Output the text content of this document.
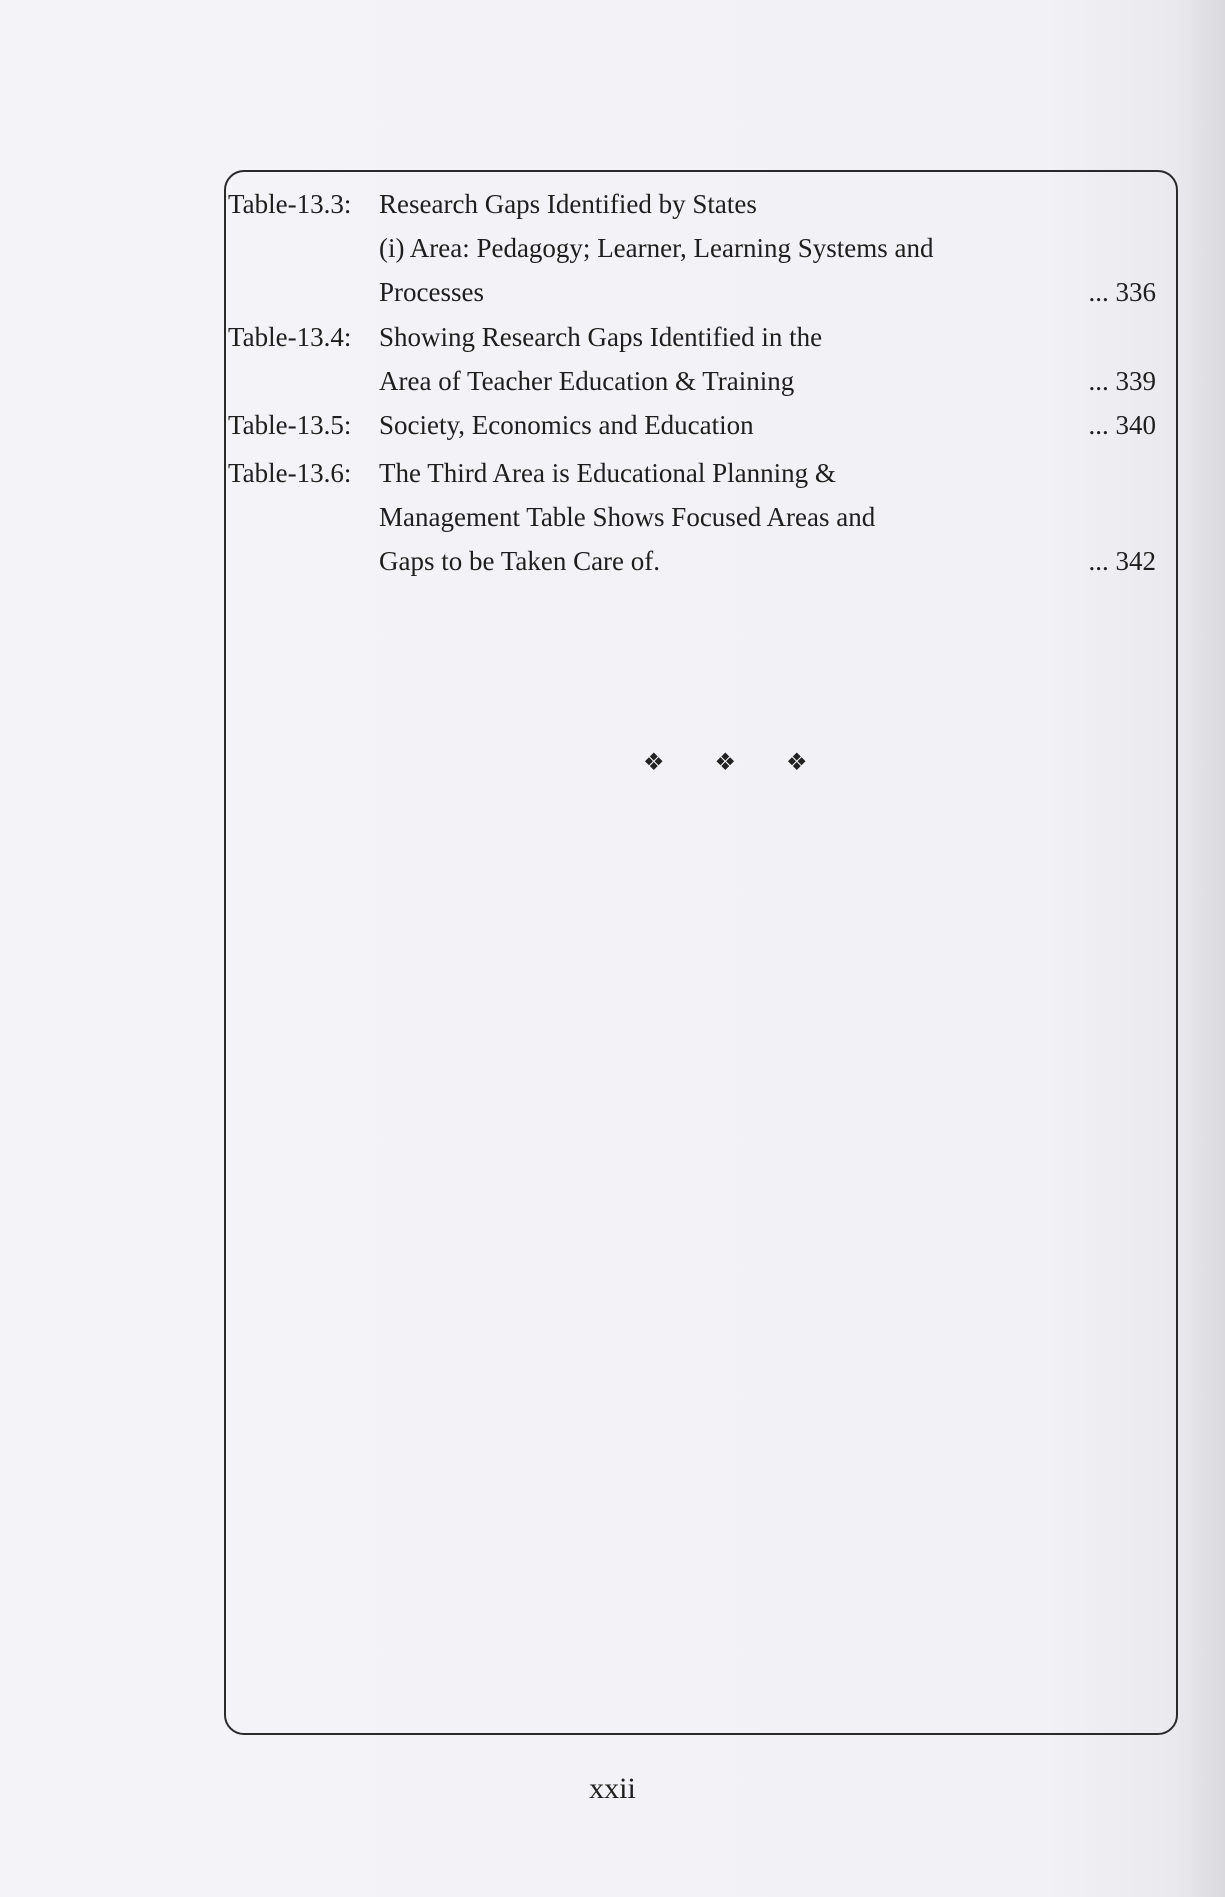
Table-13.3: Research Gaps Identified by States
(i) Area: Pedagogy; Learner, Learning Systems and
Processes	... 336
Table-13.4: Showing Research Gaps Identified in the
Area of Teacher Education & Training	... 339
Table-13.5: Society, Economics and Education	... 340
Table-13.6: The Third Area is Educational Planning &
Management Table Shows Focused Areas and
Gaps to be Taken Care of.	... 342
❖ ❖ ❖
xxii
